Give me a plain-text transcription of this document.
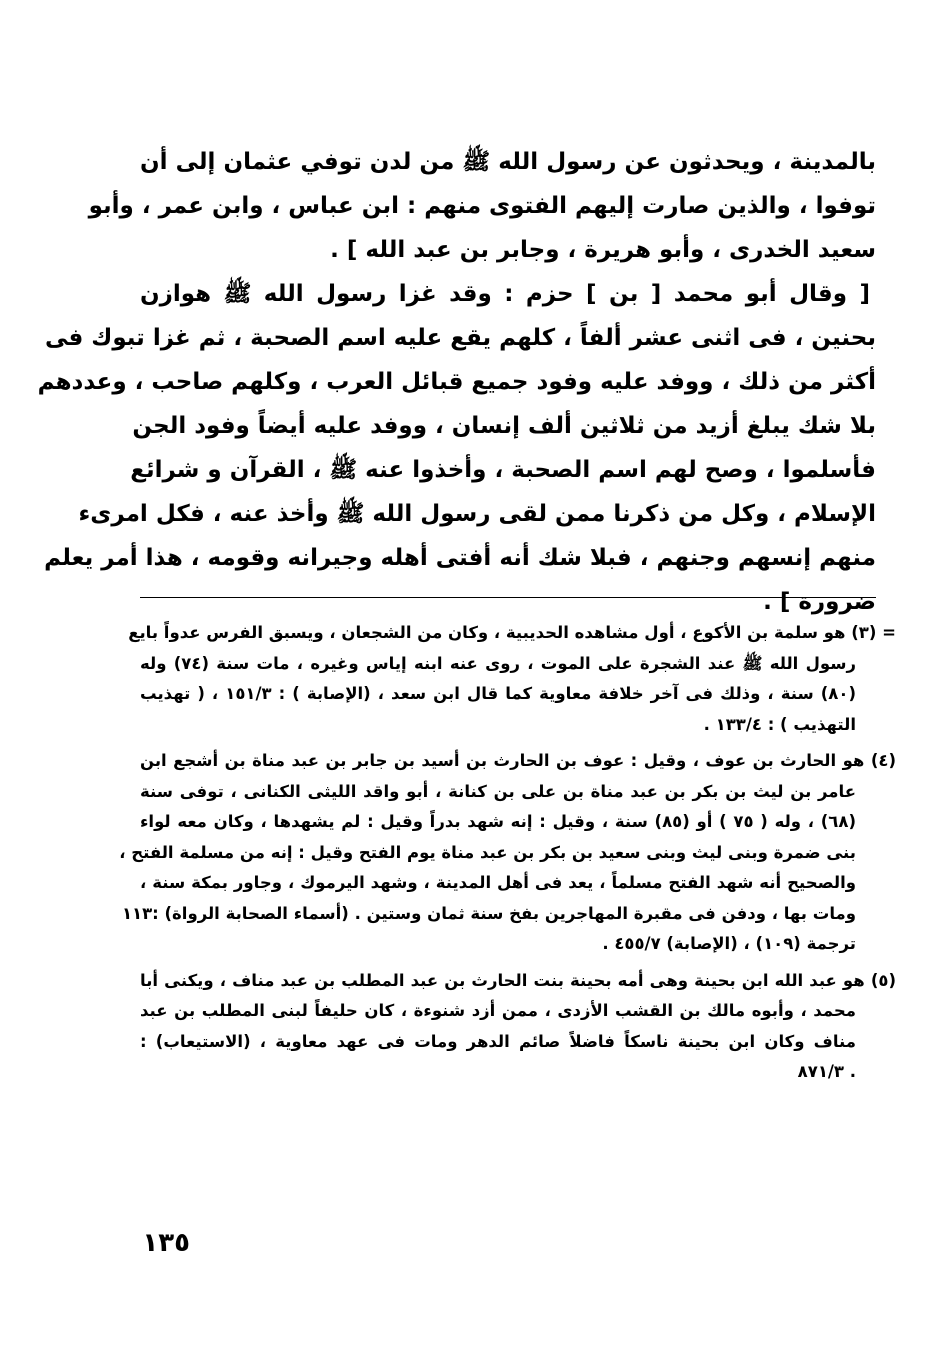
بالمدينة ، ويحدثون عن رسول الله ﷺ من لدن توفي عثمان إلى أن
توفوا ، والذين صارت إليهم الفتوى منهم : ابن عباس ، وابن عمر ، وأبو
سعيد الخدرى ، وأبو هريرة ، وجابر بن عبد الله ] .
[ وقال أبو محمد [ بن ] حزم : وقد غزا رسول الله ﷺ هوازن
بحنين ، فى اثنى عشر ألفاً ، كلهم يقع عليه اسم الصحبة ، ثم غزا تبوك فى
أكثر من ذلك ، ووفد عليه وفود جميع قبائل العرب ، وكلهم صاحب ، وعددهم
بلا شك يبلغ أزيد من ثلاثين ألف إنسان ، ووفد عليه أيضاً وفود الجن
فأسلموا ، وصح لهم اسم الصحبة ، وأخذوا عنه ﷺ ، القرآن و شرائع
الإسلام ، وكل من ذكرنا ممن لقى رسول الله ﷺ وأخذ عنه ، فكل امرىء
منهم إنسهم وجنهم ، فبلا شك أنه أفتى أهله وجيرانه وقومه ، هذا أمر يعلم
ضرورة ] .
= (٣) هو سلمة بن الأكوع ، أول مشاهده الحديبية ، وكان من الشجعان ، ويسبق الفرس عدواً بايع
رسول الله ﷺ عند الشجرة على الموت ، روى عنه ابنه إياس وغيره ، مات سنة (٧٤) وله
(٨٠) سنة ، وذلك فى آخر خلافة معاوية كما قال ابن سعد ، (الإصابة ) : ١٥١/٣ ، ( تهذيب
التهذيب ) : ١٣٣/٤ .
(٤) هو الحارث بن عوف ، وقيل : عوف بن الحارث بن أسيد بن جابر بن عبد مناة بن أشجع ابن
عامر بن ليث بن بكر بن عبد مناة بن على بن كنانة ، أبو واقد الليثى الكنانى ، توفى سنة
(٦٨) ، وله ( ٧٥ ) أو (٨٥) سنة ، وقيل : إنه شهد بدراً وقيل : لم يشهدها ، وكان معه لواء
بنى ضمرة وبنى ليث وبنى سعيد بن بكر بن عبد مناة يوم الفتح وقيل : إنه من مسلمة الفتح ،
والصحيح أنه شهد الفتح مسلماً ، يعد فى أهل المدينة ، وشهد اليرموك ، وجاور بمكة سنة ،
ومات بها ، ودفن فى مقبرة المهاجرين بفخ سنة ثمان وستين . (أسماء الصحابة الرواة) :١١٣
ترجمة (١٠٩) ، (الإصابة) ٤٥٥/٧ .
(٥) هو عبد الله ابن بحينة وهى أمه بحينة بنت الحارث بن عبد المطلب بن عبد مناف ، ويكنى أبا
محمد ، وأبوه مالك بن القشب الأزدى ، ممن أزد شنوءة ، كان حليفاً لبنى المطلب بن عبد
مناف وكان ابن بحينة ناسكاً فاضلاً صائم الدهر ومات فى عهد معاوية ، (الاستيعاب) :
. ٨٧١/٣
١٣٥
